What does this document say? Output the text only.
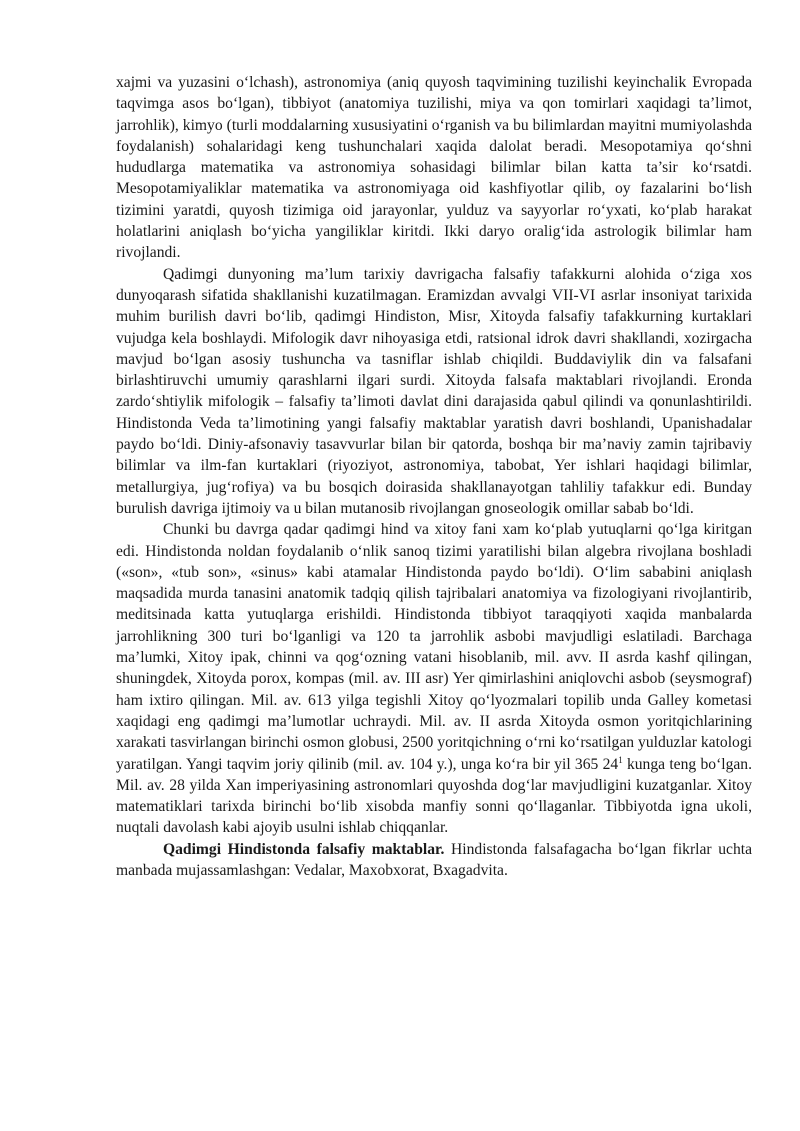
xajmi va yuzasini o‘lchash), astronomiya (aniq quyosh taqvimining tuzilishi keyinchalik Evropada taqvimga asos bo‘lgan), tibbiyot (anatomiya tuzilishi, miya va qon tomirlari xaqidagi ta’limot, jarrohlik), kimyo (turli moddalarning xususiyatini o‘rganish va bu bilimlardan mayitni mumiyolashda foydalanish) sohalaridagi keng tushunchalari xaqida dalolat beradi. Mesopotamiya qo‘shni hududlarga matematika va astronomiya sohasidagi bilimlar bilan katta ta’sir ko‘rsatdi. Mesopotamiyaliklar matematika va astronomiyaga oid kashfiyotlar qilib, oy fazalarini bo‘lish tizimini yaratdi, quyosh tizimiga oid jarayonlar, yulduz va sayyorlar ro‘yxati, ko‘plab harakat holatlarini aniqlash bo‘yicha yangiliklar kiritdi. Ikki daryo oralig‘ida astrologik bilimlar ham rivojlandi.

Qadimgi dunyoning ma’lum tarixiy davrigacha falsafiy tafakkurni alohida o‘ziga xos dunyoqarash sifatida shakllanishi kuzatilmagan. Eramizdan avvalgi VII-VI asrlar insoniyat tarixida muhim burilish davri bo‘lib, qadimgi Hindiston, Misr, Xitoyda falsafiy tafakkurning kurtaklari vujudga kela boshlaydi. Mifologik davr nihoyasiga etdi, ratsional idrok davri shakllandi, xozirgacha mavjud bo‘lgan asosiy tushuncha va tasniflar ishlab chiqildi. Buddaviylik din va falsafani birlashtiruvchi umumiy qarashlarni ilgari surdi. Xitoyda falsafa maktablari rivojlandi. Eronda zardo‘shtiylik mifologik – falsafiy ta’limoti davlat dini darajasida qabul qilindi va qonunlashtirildi. Hindistonda Veda ta’limotining yangi falsafiy maktablar yaratish davri boshlandi, Upanishadalar paydo bo‘ldi. Diniy-afsonaviy tasavvurlar bilan bir qatorda, boshqa bir ma’naviy zamin tajribaviy bilimlar va ilm-fan kurtaklari (riyoziyot, astronomiya, tabobat, Yer ishlari haqidagi bilimlar, metallurgiya, jug‘rofiya) va bu bosqich doirasida shakllanayotgan tahliliy tafakkur edi. Bunday burulish davriga ijtimoiy va u bilan mutanosib rivojlangan gnoseologik omillar sabab bo‘ldi.

Chunki bu davrga qadar qadimgi hind va xitoy fani xam ko‘plab yutuqlarni qo‘lga kiritgan edi. Hindistonda noldan foydalanib o‘nlik sanoq tizimi yaratilishi bilan algebra rivojlana boshladi («son», «tub son», «sinus» kabi atamalar Hindistonda paydo bo‘ldi). O‘lim sababini aniqlash maqsadida murda tanasini anatomik tadqiq qilish tajribalari anatomiya va fizologiyani rivojlantirib, meditsinada katta yutuqlarga erishildi. Hindistonda tibbiyot taraqqiyoti xaqida manbalarda jarrohlikning 300 turi bo‘lganligi va 120 ta jarrohlik asbobi mavjudligi eslatiladi. Barchaga ma’lumki, Xitoy ipak, chinni va qog‘ozning vatani hisoblanib, mil. avv. II asrda kashf qilingan, shuningdek, Xitoyda porox, kompas (mil. av. III asr) Yer qimirlashini aniqlovchi asbob (seysmograf) ham ixtiro qilingan. Mil. av. 613 yilga tegishli Xitoy qo‘lyozmalari topilib unda Galley kometasi xaqidagi eng qadimgi ma’lumotlar uchraydi. Mil. av. II asrda Xitoyda osmon yoritqichlarining xarakati tasvirlangan birinchi osmon globusi, 2500 yoritqichning o‘rni ko‘rsatilgan yulduzlar katologi yaratilgan. Yangi taqvim joriy qilinib (mil. av. 104 y.), unga ko‘ra bir yil 365 $24^1$ kunga teng bo‘lgan. Mil. av. 28 yilda Xan imperiyasining astronomlari quyoshda dog‘lar mavjudligini kuzatganlar. Xitoy matematiklari tarixda birinchi bo‘lib xisobda manfiy sonni qo‘llaganlar. Tibbiyotda igna ukoli, nuqtali davolash kabi ajoyib usulni ishlab chiqqanlar.

Qadimgi Hindistonda falsafiy maktablar. Hindistonda falsafagacha bo‘lgan fikrlar uchta manbada mujassamlashgan: Vedalar, Maxobxorat, Bxagadvita.
